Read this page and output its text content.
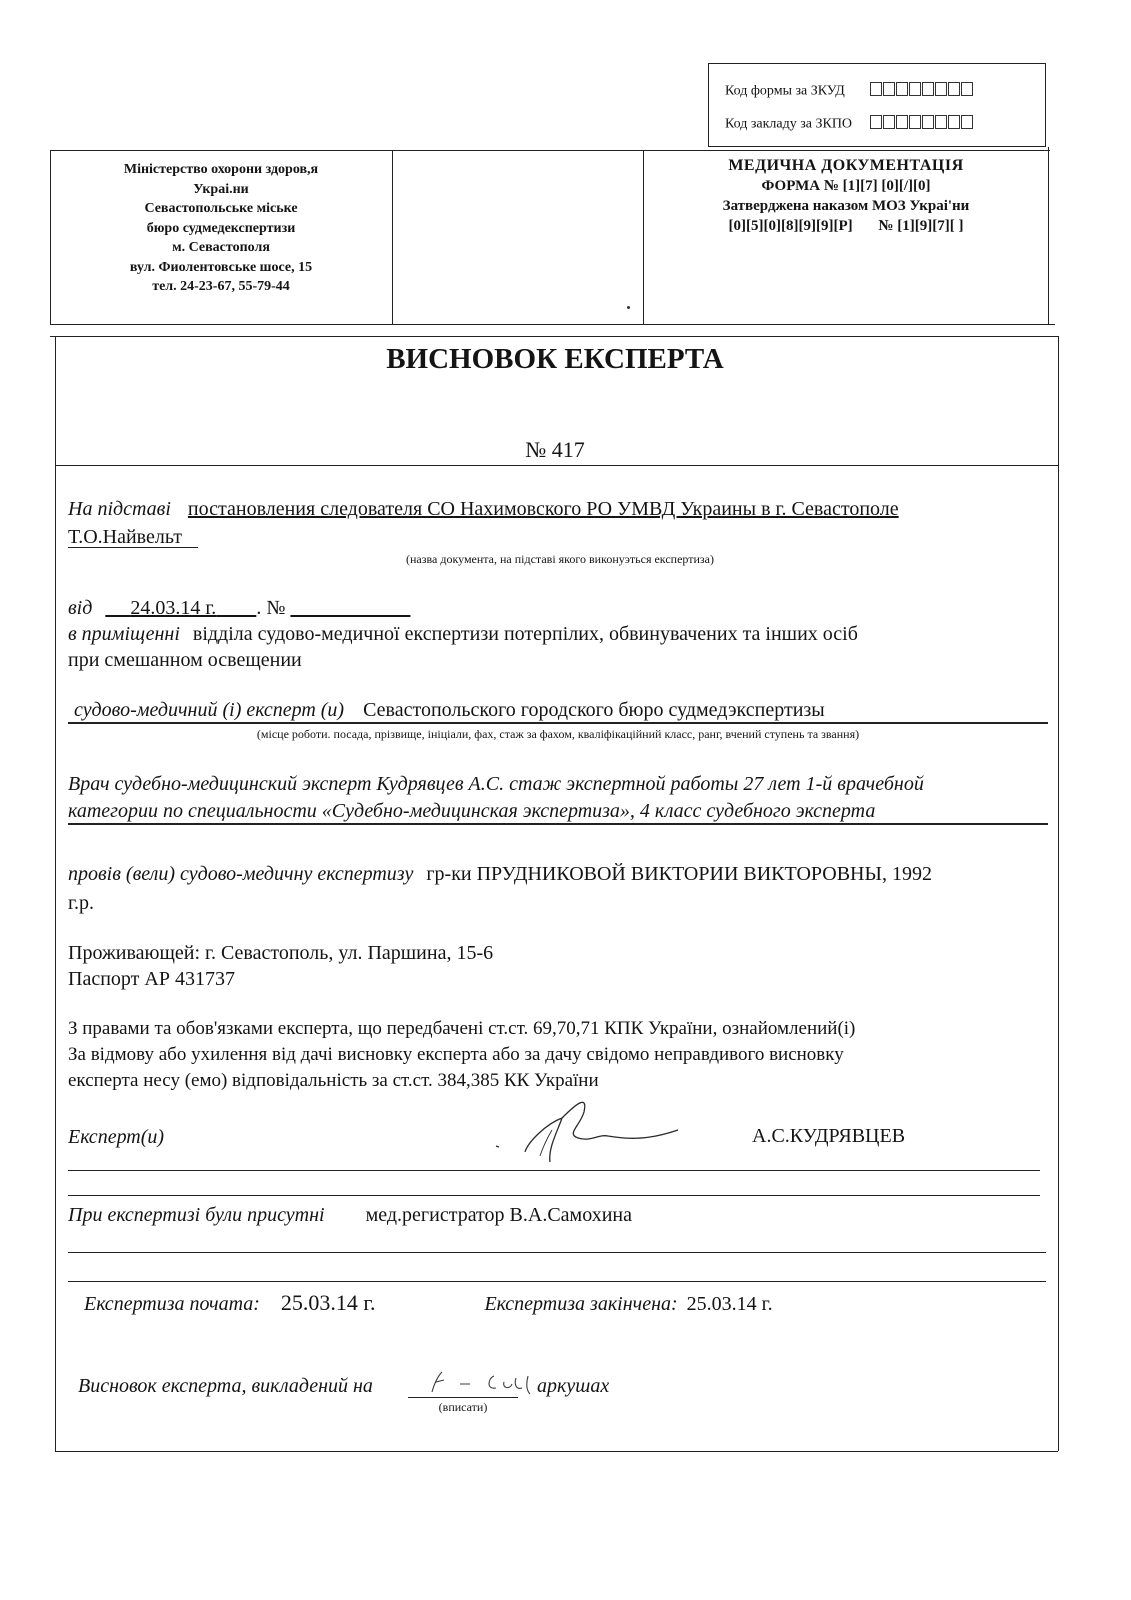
Код формы за ЗКУД
Код закладу за ЗКПО
Міністерство охорони здоров,я
Украі.ни
Севастопольське міське
бюро судмедекспертизи
м. Севастополя
вул. Фиолентовське шосе, 15
тел. 24-23-67, 55-79-44
МЕДИЧНА ДОКУМЕНТАЦІЯ
ФОРМА № [1][7] [0][/][0]
Затверджена наказом МОЗ Украі'ни
[0][5][0][8][9][9][Р] № [1][9][7][ ]
ВИСНОВОК ЕКСПЕРТА
№ 417
На підставі постановления следователя СО Нахимовского РО УМВД Украины в г. Севастополе
Т.О.Найвельт
(назва документа, на підставі якого виконуэться експертиза)
від 24.03.14 г. . №
в приміщенні відділа судово-медичної експертизи потерпілих, обвинувачених та інших осіб
при смешанном освещении
судово-медичний (і) експерт (и) Севастопольского городского бюро судмедэкспертизы
(місце роботи. посада, прізвище, ініціали, фах, стаж за фахом, кваліфікаційний класс, ранг, вчений ступень та звання)
Врач судебно-медицинский эксперт Кудрявцев А.С. стаж экспертной работы 27 лет 1-й врачебной
категории по специальности «Судебно-медицинская экспертиза», 4 класс судебного эксперта
провів (вели) судово-медичну експертизу гр-ки ПРУДНИКОВОЙ ВИКТОРИИ ВИКТОРОВНЫ, 1992
г.р.
Проживающей: г. Севастополь, ул. Паршина, 15-6
Паспорт АР 431737
З правами та обов'язками експерта, що передбачені ст.ст. 69,70,71 КПК України, ознайомлений(і)
За відмову або ухилення від дачі висновку експерта або за дачу свідомо неправдивого висновку
експерта несу (емо) відповідальність за ст.ст. 384,385 КК України
Експерт(и)	А.С.КУДРЯВЦЕВ
При експертизі були присутні мед.регистратор В.А.Самохина
Експертиза почата: 25.03.14 г.	Експертиза закінчена: 25.03.14 г.
Висновок експерта, викладений на	аркушах
(вписати)
